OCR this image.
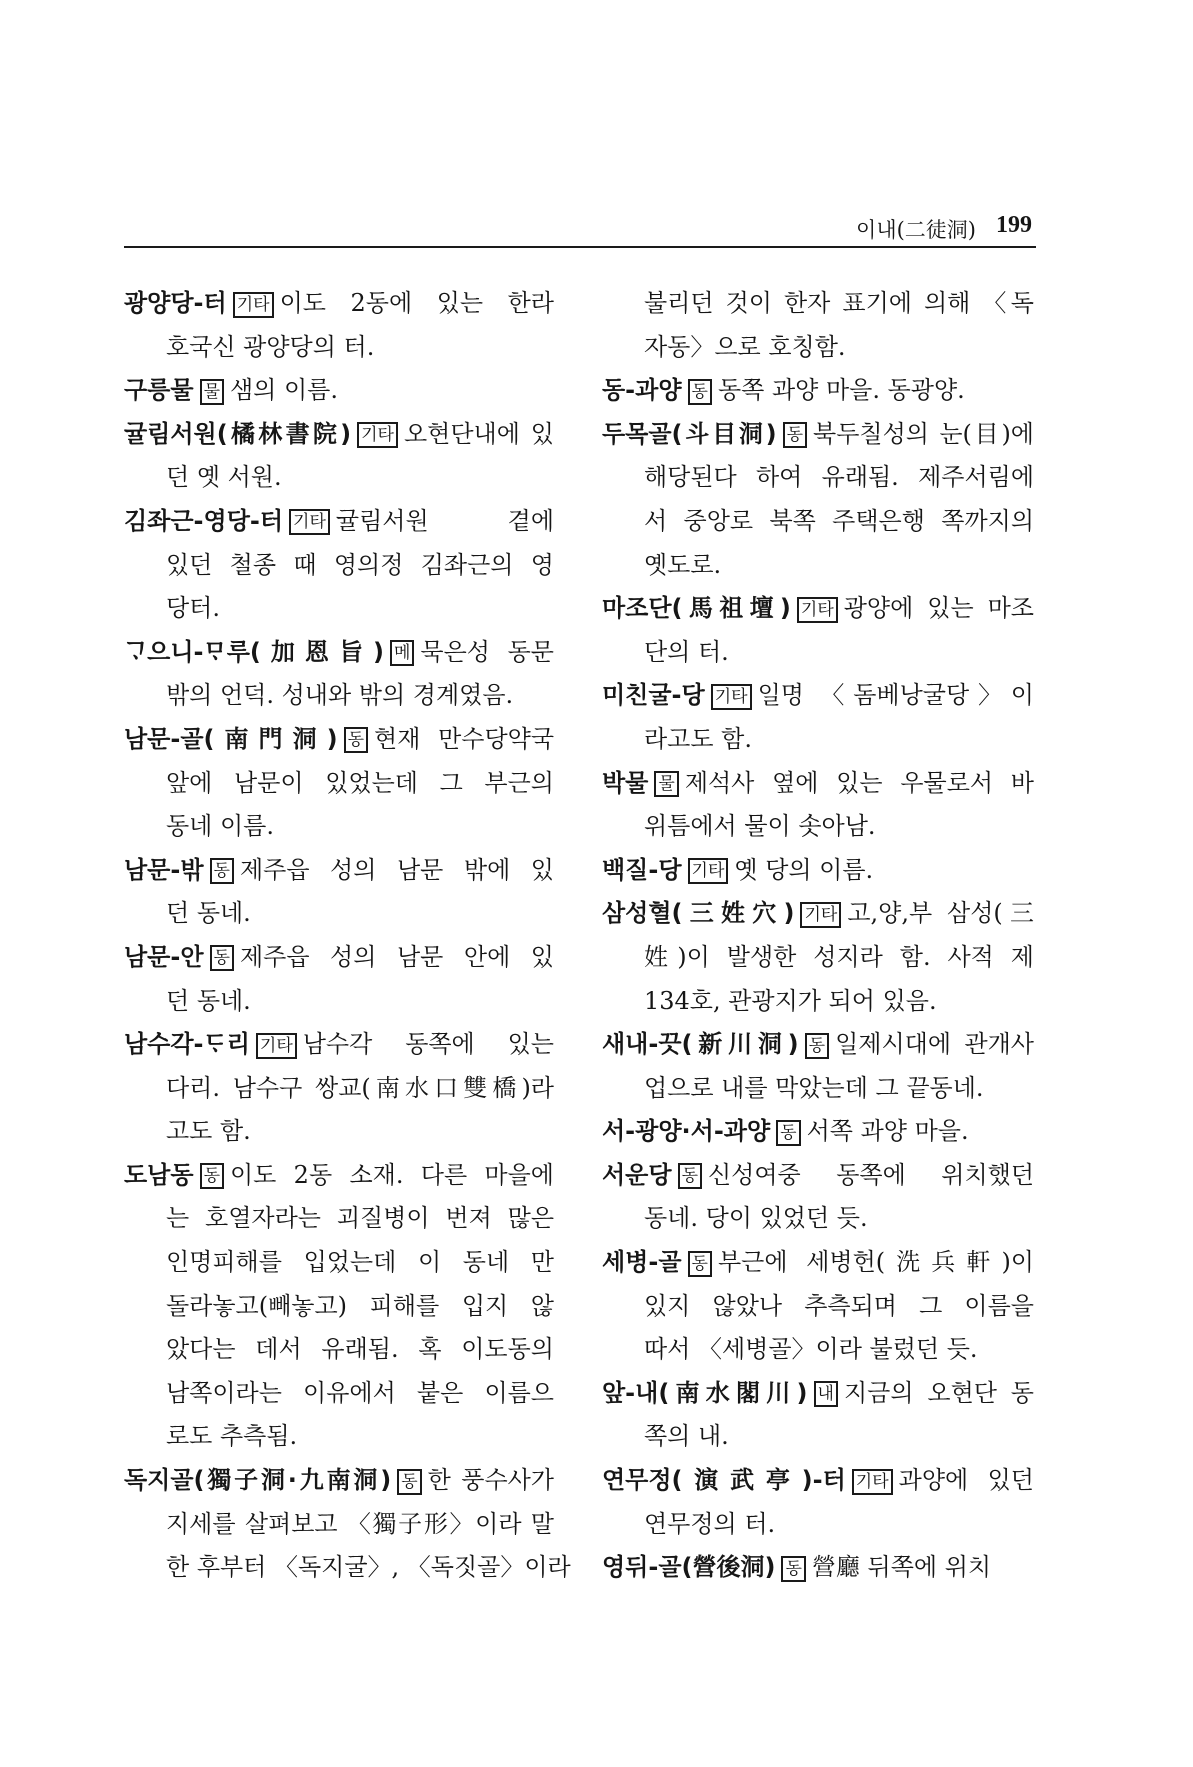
이내(二徒洞) 199
광양당-터 기타 이도 2동에 있는 한라
호국신 광양당의 터.
구릉물 물 샘의 이름.
귤림서원(橘林書院) 기타 오현단내에 있
던 옛 서원.
김좌근-영당-터 기타 귤림서원 곁에
있던 철종 때 영의정 김좌근의 영
당터.
ᄀᆞ으니-ᄆᆞ루(加恩旨) 메 묵은성 동문
밖의 언덕. 성내와 밖의 경계였음.
남문-골(南門洞) 동 현재 만수당약국
앞에 남문이 있었는데 그 부근의
동네 이름.
남문-밖 동 제주읍 성의 남문 밖에 있
던 동네.
남문-안 동 제주읍 성의 남문 안에 있
던 동네.
남수각-ᄃᆞ리 기타 남수각 동쪽에 있는
다리. 남수구 쌍교(南水口雙橋)라
고도 함.
도남동 동 이도 2동 소재. 다른 마을에
는 호열자라는 괴질병이 번져 많은
인명피해를 입었는데 이 동네 만
돌라놓고(빼놓고) 피해를 입지 않
았다는 데서 유래됨. 혹 이도동의
남쪽이라는 이유에서 붙은 이름으
로도 추측됨.
독지골(獨子洞·九南洞) 동 한 풍수사가
지세를 살펴보고 〈獨子形〉이라 말
한 후부터 〈독지굴〉, 〈독짓골〉이라
불리던 것이 한자 표기에 의해 〈독
자동〉으로 호칭함.
동-과양 동 동쪽 과양 마을. 동광양.
두목골(斗目洞) 동 북두칠성의 눈(目)에
해당된다 하여 유래됨. 제주서림에
서 중앙로 북쪽 주택은행 쪽까지의
옛도로.
마조단(馬祖壇) 기타 광양에 있는 마조
단의 터.
미친굴-당 기타 일명 〈돔베낭굴당〉이
라고도 함.
박물 물 제석사 옆에 있는 우물로서 바
위틈에서 물이 솟아남.
백질-당 기타 옛 당의 이름.
삼성혈(三姓穴) 기타 고,양,부 삼성(三
姓)이 발생한 성지라 함. 사적 제
134호, 관광지가 되어 있음.
새내-끗(新川洞) 동 일제시대에 관개사
업으로 내를 막았는데 그 끝동네.
서-광양·서-과양 동 서쪽 과양 마을.
서운당 동 신성여중 동쪽에 위치했던
동네. 당이 있었던 듯.
세병-골 동 부근에 세병헌(洗兵軒)이
있지 않았나 추측되며 그 이름을
따서 〈세병골〉이라 불렀던 듯.
앞-내(南水閣川) 내 지금의 오현단 동
쪽의 내.
연무정(演武亭)-터 기타 과양에 있던
연무정의 터.
영뒤-골(營後洞) 동 營廳 뒤쪽에 위치
